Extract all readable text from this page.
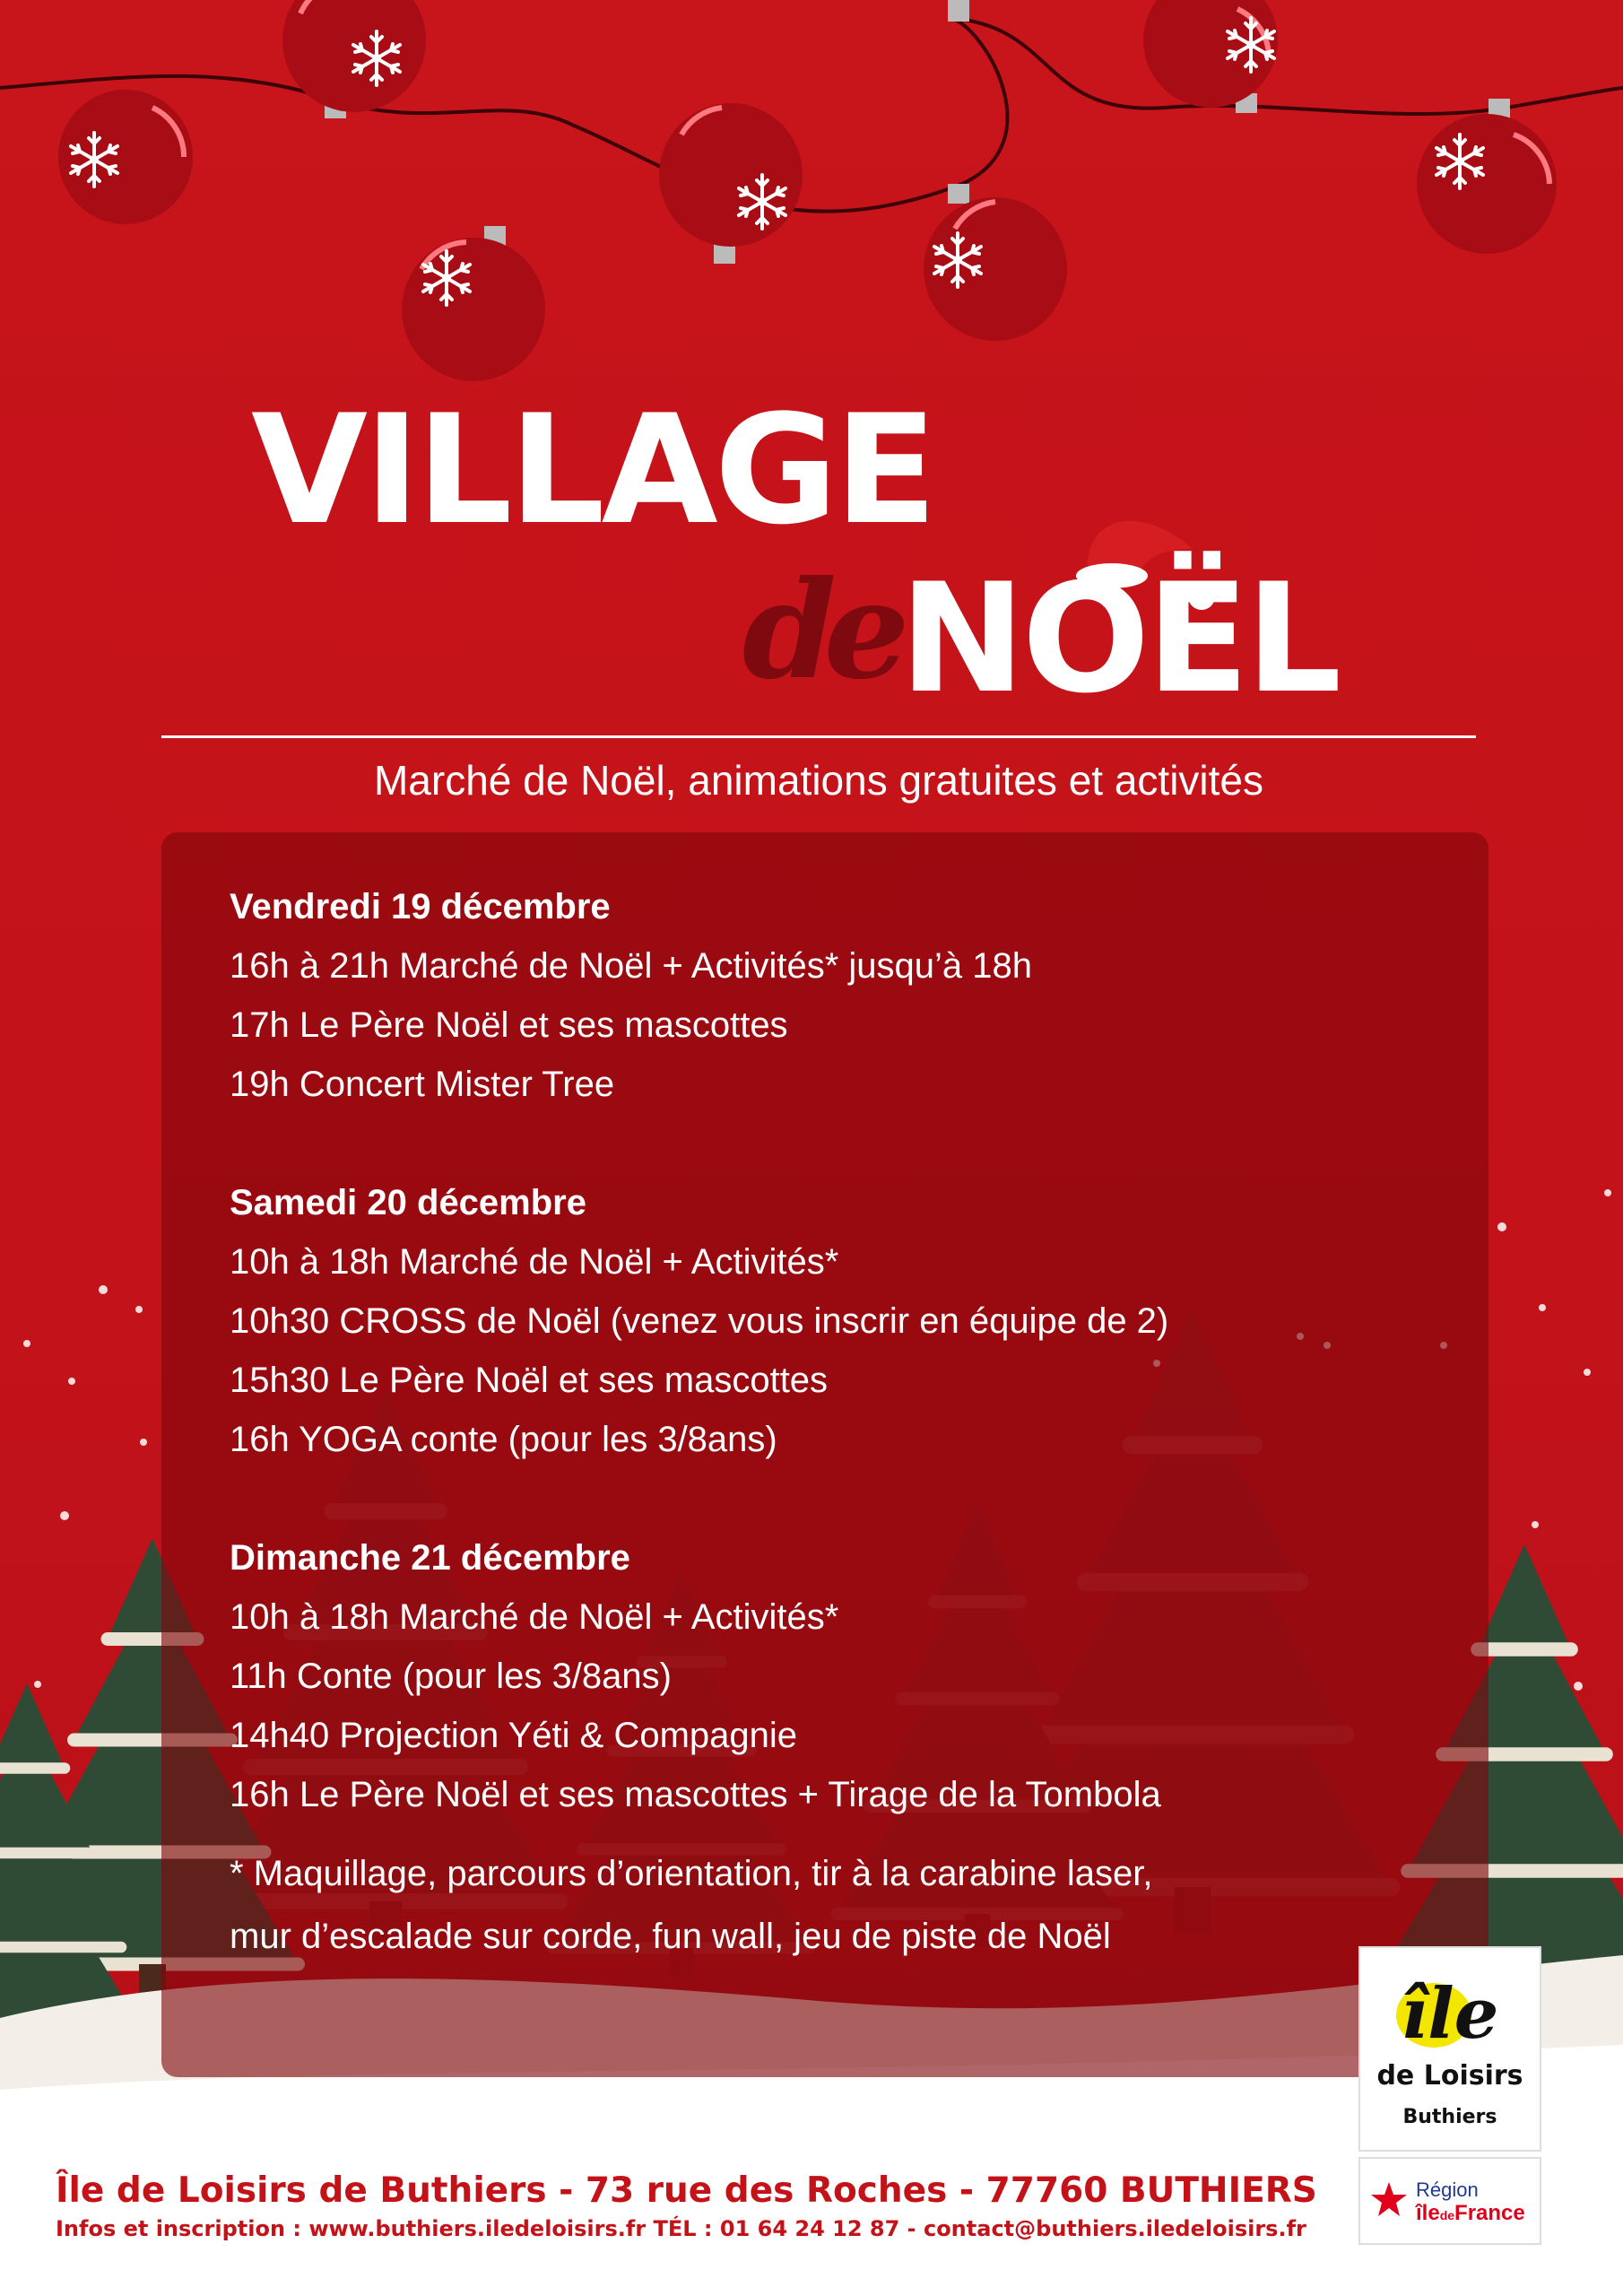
VILLAGE
de NOËL
Marché de Noël, animations gratuites et activités
Vendredi 19 décembre
16h à 21h Marché de Noël + Activités* jusqu’à 18h
17h Le Père Noël et ses mascottes
19h Concert Mister Tree
Samedi 20 décembre
10h à 18h Marché de Noël + Activités*
10h30 CROSS de Noël (venez vous inscrir en équipe de 2)
15h30 Le Père Noël et ses mascottes
16h YOGA conte (pour les 3/8ans)
Dimanche 21 décembre
10h à 18h Marché de Noël + Activités*
11h Conte (pour les 3/8ans)
14h40 Projection Yéti & Compagnie
16h Le Père Noël et ses mascottes + Tirage de la Tombola
* Maquillage, parcours d’orientation, tir à la carabine laser,
mur d’escalade sur corde, fun wall, jeu de piste de Noël
île
de Loisirs
Buthiers
Région
îledeFrance
Île de Loisirs de Buthiers - 73 rue des Roches - 77760 BUTHIERS
Infos et inscription : www.buthiers.iledeloisirs.fr TÉL : 01 64 24 12 87 - contact@buthiers.iledeloisirs.fr
